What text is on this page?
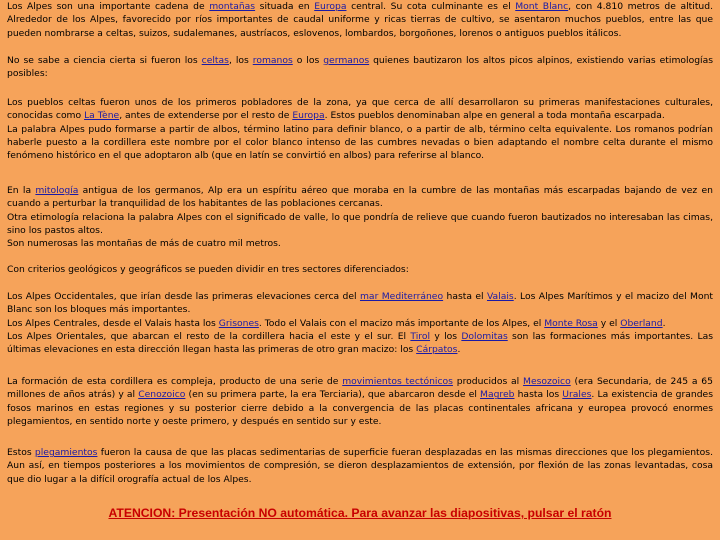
Los Alpes son una importante cadena de montañas situada en Europa central. Su cota culminante es el Mont Blanc, con 4.810 metros de altitud. Alrededor de los Alpes, favorecido por ríos importantes de caudal uniforme y ricas tierras de cultivo, se asentaron muchos pueblos, entre las que pueden nombrarse a celtas, suizos, sudalemanes, austríacos, eslovenos, lombardos, borgoñones, lorenos o antiguos pueblos itálicos.

No se sabe a ciencia cierta si fueron los celtas, los romanos o los germanos quienes bautizaron los altos picos alpinos, existiendo varias etimologías posibles:

Los pueblos celtas fueron unos de los primeros pobladores de la zona, ya que cerca de allí desarrollaron su primeras manifestaciones culturales, conocidas como La Tène, antes de extenderse por el resto de Europa. Estos pueblos denominaban alpe en general a toda montaña escarpada.
La palabra Alpes pudo formarse a partir de albos, término latino para definir blanco, o a partir de alb, término celta equivalente. Los romanos podrían haberle puesto a la cordillera este nombre por el color blanco intenso de las cumbres nevadas o bien adaptando el nombre celta durante el mismo fenómeno histórico en el que adoptaron alb (que en latín se convirtió en albos) para referirse al blanco.

En la mitología antigua de los germanos, Alp era un espíritu aéreo que moraba en la cumbre de las montañas más escarpadas bajando de vez en cuando a perturbar la tranquilidad de los habitantes de las poblaciones cercanas.
Otra etimología relaciona la palabra Alpes con el significado de valle, lo que pondría de relieve que cuando fueron bautizados no interesaban las cimas, sino los pastos altos.
Son numerosas las montañas de más de cuatro mil metros.

Con criterios geológicos y geográficos se pueden dividir en tres sectores diferenciados:

Los Alpes Occidentales, que irían desde las primeras elevaciones cerca del mar Mediterráneo hasta el Valais. Los Alpes Marítimos y el macizo del Mont Blanc son los bloques más importantes.
Los Alpes Centrales, desde el Valais hasta los Grisones. Todo el Valais con el macizo más importante de los Alpes, el Monte Rosa y el Oberland.
Los Alpes Orientales, que abarcan el resto de la cordillera hacia el este y el sur. El Tirol y los Dolomitas son las formaciones más importantes. Las últimas elevaciones en esta dirección llegan hasta las primeras de otro gran macizo: los Cárpatos.

La formación de esta cordillera es compleja, producto de una serie de movimientos tectónicos producidos al Mesozoico (era Secundaria, de 245 a 65 millones de años atrás) y al Cenozoico (en su primera parte, la era Terciaria), que abarcaron desde el Magreb hasta los Urales. La existencia de grandes fosos marinos en estas regiones y su posterior cierre debido a la convergencia de las placas continentales africana y europea provocó enormes plegamientos, en sentido norte y oeste primero, y después en sentido sur y este.

Estos plegamientos fueron la causa de que las placas sedimentarias de superficie fueran desplazadas en las mismas direcciones que los plegamientos. Aun así, en tiempos posteriores a los movimientos de compresión, se dieron desplazamientos de extensión, por flexión de las zonas levantadas, cosa que dio lugar a la difícil orografía actual de los Alpes.

ATENCION: Presentación NO automática. Para avanzar las diapositivas, pulsar el ratón
